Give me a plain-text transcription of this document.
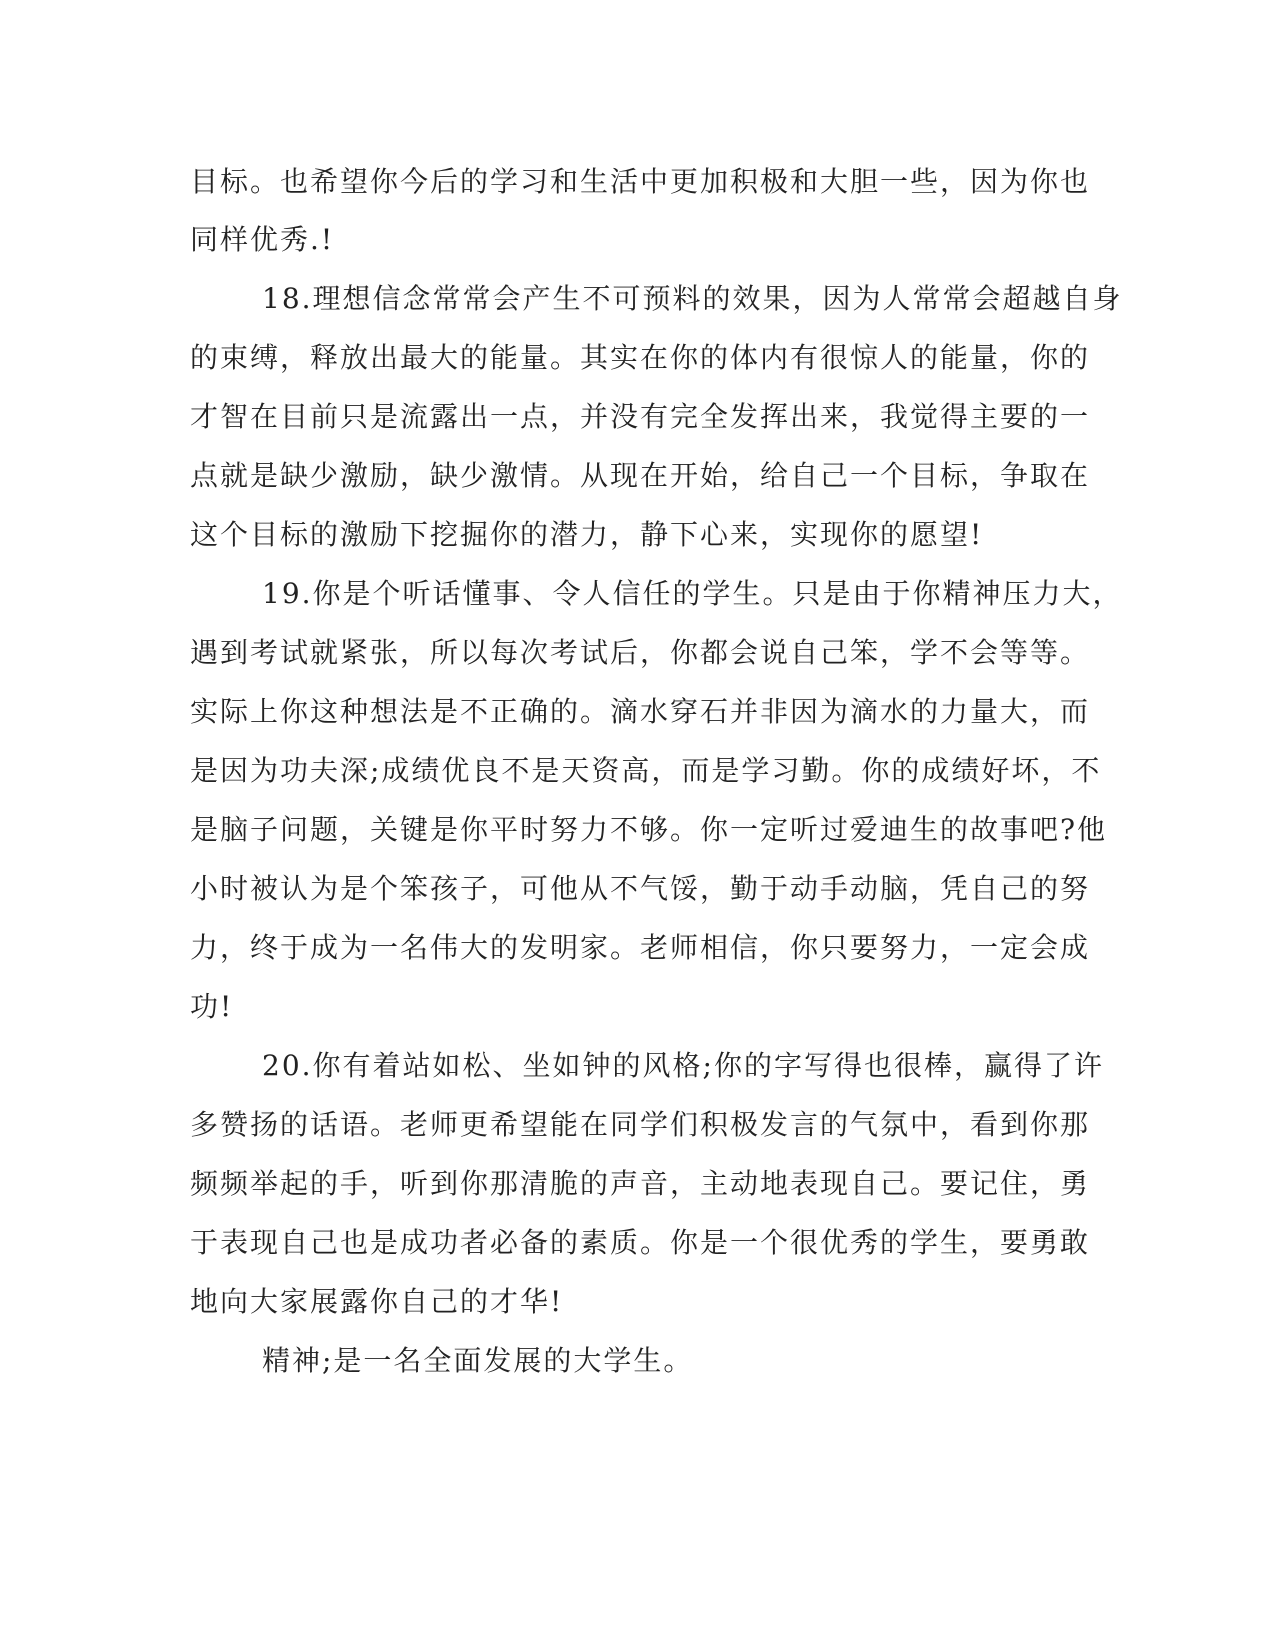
目标。也希望你今后的学习和生活中更加积极和大胆一些，因为你也
同样优秀.!
18.理想信念常常会产生不可预料的效果，因为人常常会超越自身
的束缚，释放出最大的能量。其实在你的体内有很惊人的能量，你的
才智在目前只是流露出一点，并没有完全发挥出来，我觉得主要的一
点就是缺少激励，缺少激情。从现在开始，给自己一个目标，争取在
这个目标的激励下挖掘你的潜力，静下心来，实现你的愿望!
19.你是个听话懂事、令人信任的学生。只是由于你精神压力大，
遇到考试就紧张，所以每次考试后，你都会说自己笨，学不会等等。
实际上你这种想法是不正确的。滴水穿石并非因为滴水的力量大，而
是因为功夫深;成绩优良不是天资高，而是学习勤。你的成绩好坏，不
是脑子问题，关键是你平时努力不够。你一定听过爱迪生的故事吧?他
小时被认为是个笨孩子，可他从不气馁，勤于动手动脑，凭自己的努
力，终于成为一名伟大的发明家。老师相信，你只要努力，一定会成
功!
20.你有着站如松、坐如钟的风格;你的字写得也很棒，赢得了许
多赞扬的话语。老师更希望能在同学们积极发言的气氛中，看到你那
频频举起的手，听到你那清脆的声音，主动地表现自己。要记住，勇
于表现自己也是成功者必备的素质。你是一个很优秀的学生，要勇敢
地向大家展露你自己的才华!
精神;是一名全面发展的大学生。
